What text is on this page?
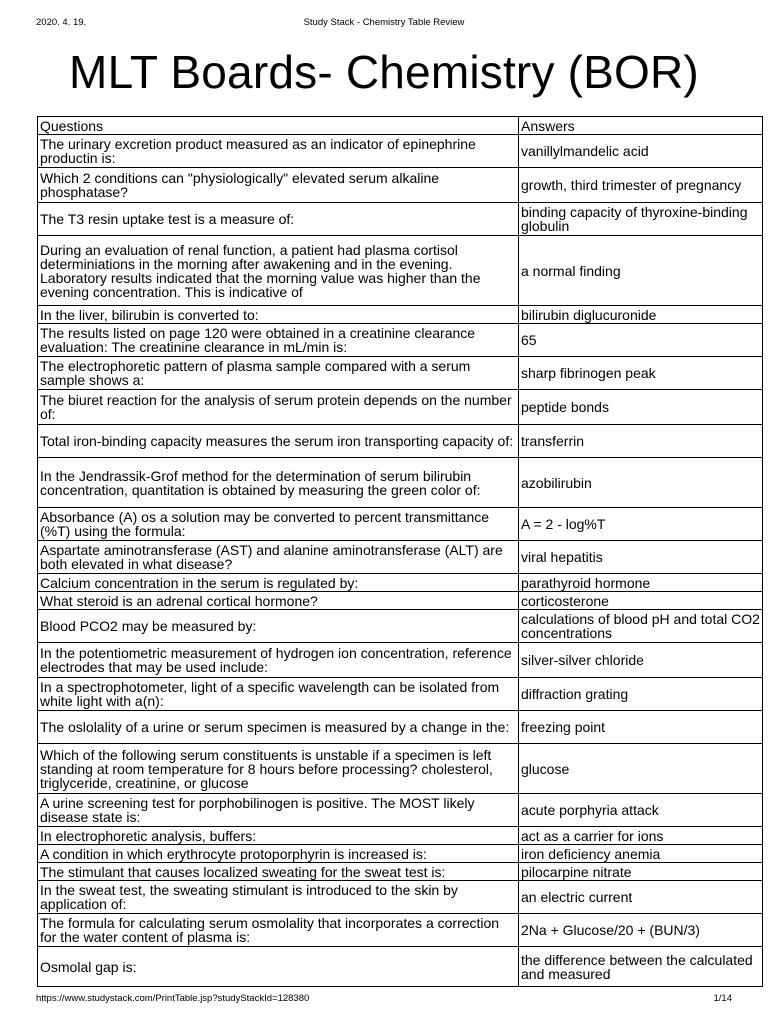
2020. 4. 19.	Study Stack - Chemistry Table Review
MLT Boards- Chemistry (BOR)
Questions	Answers
The urinary excretion product measured as an indicator of epinephrine productin is:	vanillylmandelic acid
Which 2 conditions can "physiologically" elevated serum alkaline phosphatase?	growth, third trimester of pregnancy
The T3 resin uptake test is a measure of:	binding capacity of thyroxine-binding globulin
During an evaluation of renal function, a patient had plasma cortisol determiniations in the morning after awakening and in the evening. Laboratory results indicated that the morning value was higher than the evening concentration. This is indicative of	a normal finding
In the liver, bilirubin is converted to:	bilirubin diglucuronide
The results listed on page 120 were obtained in a creatinine clearance evaluation: The creatinine clearance in mL/min is:	65
The electrophoretic pattern of plasma sample compared with a serum sample shows a:	sharp fibrinogen peak
The biuret reaction for the analysis of serum protein depends on the number of:	peptide bonds
Total iron-binding capacity measures the serum iron transporting capacity of:	transferrin
In the Jendrassik-Grof method for the determination of serum bilirubin concentration, quantitation is obtained by measuring the green color of:	azobilirubin
Absorbance (A) os a solution may be converted to percent transmittance (%T) using the formula:	A = 2 - log%T
Aspartate aminotransferase (AST) and alanine aminotransferase (ALT) are both elevated in what disease?	viral hepatitis
Calcium concentration in the serum is regulated by:	parathyroid hormone
What steroid is an adrenal cortical hormone?	corticosterone
Blood PCO2 may be measured by:	calculations of blood pH and total CO2 concentrations
In the potentiometric measurement of hydrogen ion concentration, reference electrodes that may be used include:	silver-silver chloride
In a spectrophotometer, light of a specific wavelength can be isolated from white light with a(n):	diffraction grating
The oslolality of a urine or serum specimen is measured by a change in the:	freezing point
Which of the following serum constituents is unstable if a specimen is left standing at room temperature for 8 hours before processing? cholesterol, triglyceride, creatinine, or glucose	glucose
A urine screening test for porphobilinogen is positive. The MOST likely disease state is:	acute porphyria attack
In electrophoretic analysis, buffers:	act as a carrier for ions
A condition in which erythrocyte protoporphyrin is increased is:	iron deficiency anemia
The stimulant that causes localized sweating for the sweat test is:	pilocarpine nitrate
In the sweat test, the sweating stimulant is introduced to the skin by application of:	an electric current
The formula for calculating serum osmolality that incorporates a correction for the water content of plasma is:	2Na + Glucose/20 + (BUN/3)
Osmolal gap is:	the difference between the calculated and measured
https://www.studystack.com/PrintTable.jsp?studyStackId=128380	1/14
